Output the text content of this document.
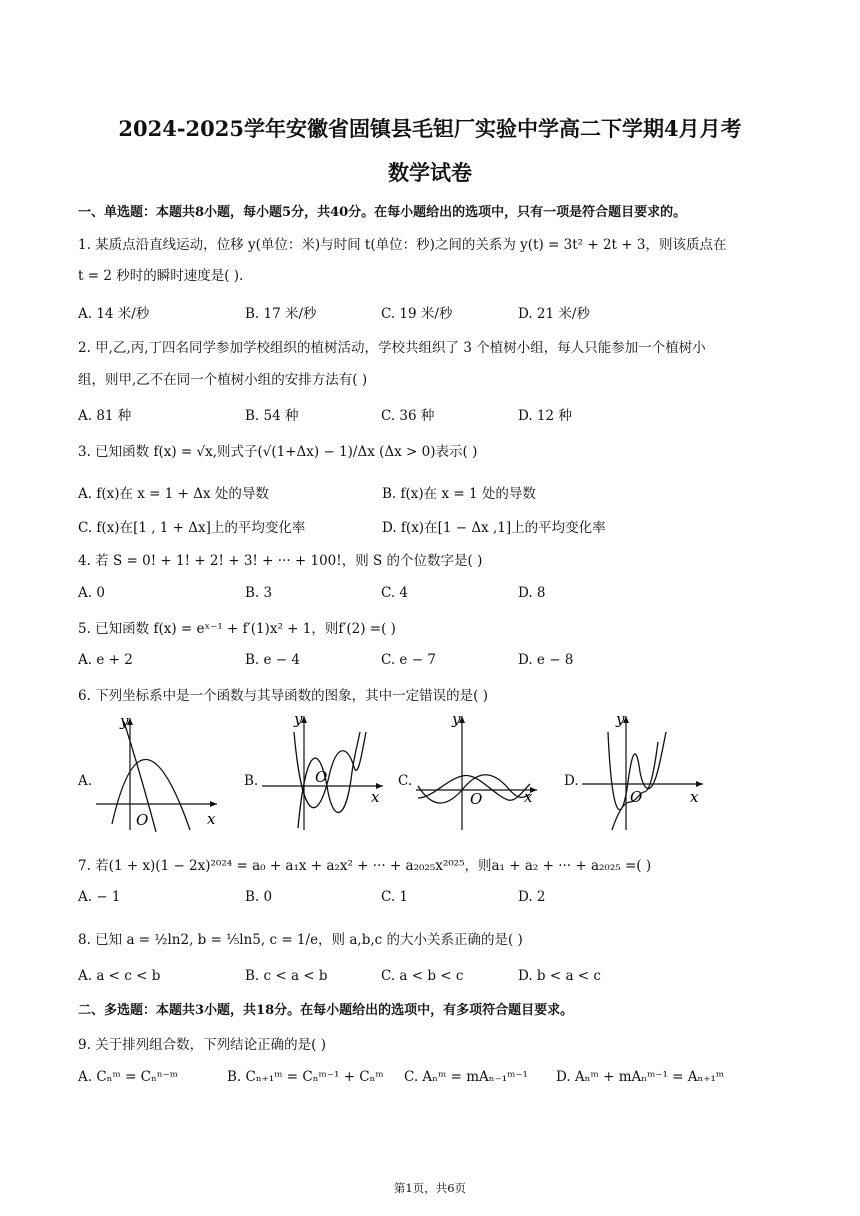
2024-2025学年安徽省固镇县毛钽厂实验中学高二下学期4月月考
数学试卷
一、单选题：本题共8小题，每小题5分，共40分。在每小题给出的选项中，只有一项是符合题目要求的。
1. 某质点沿直线运动，位移 y(单位：米)与时间 t(单位：秒)之间的关系为 y(t) = 3t² + 2t + 3，则该质点在
t = 2 秒时的瞬时速度是( ).
A. 14 米/秒	B. 17 米/秒	C. 19 米/秒	D. 21 米/秒
2. 甲,乙,丙,丁四名同学参加学校组织的植树活动，学校共组织了 3 个植树小组，每人只能参加一个植树小
组，则甲,乙不在同一个植树小组的安排方法有( )
A. 81 种	B. 54 种	C. 36 种	D. 12 种
3. 已知函数 f(x) = √x,则式子(√(1+Δx) − 1)/Δx (Δx > 0)表示( )
A. f(x)在 x = 1 + Δx 处的导数	B. f(x)在 x = 1 处的导数
C. f(x)在[1 , 1 + Δx]上的平均变化率	D. f(x)在[1 − Δx ,1]上的平均变化率
4. 若 S = 0! + 1! + 2! + 3! + ··· + 100!，则 S 的个位数字是( )
A. 0	B. 3	C. 4	D. 8
5. 已知函数 f(x) = eˣ⁻¹ + f′(1)x² + 1，则f′(2) =( )
A. e + 2	B. e − 4	C. e − 7	D. e − 8
6. 下列坐标系中是一个函数与其导函数的图象，其中一定错误的是( )
A.
y
x
O
B.
y
x
O	C.
y
x
O
D.
y
x
O
7. 若(1 + x)(1 − 2x)²⁰²⁴ = a₀ + a₁x + a₂x² + ··· + a₂₀₂₅x²⁰²⁵，则a₁ + a₂ + ··· + a₂₀₂₅ =( )
A. − 1	B. 0	C. 1	D. 2
8. 已知 a = ½ln2, b = ⅕ln5, c = 1/e，则 a,b,c 的大小关系正确的是( )
A. a < c < b	B. c < a < b	C. a < b < c	D. b < a < c
二、多选题：本题共3小题，共18分。在每小题给出的选项中，有多项符合题目要求。
9. 关于排列组合数，下列结论正确的是( )
A. Cₙᵐ = Cₙⁿ⁻ᵐ	B. Cₙ₊₁ᵐ = Cₙᵐ⁻¹ + Cₙᵐ C. Aₙᵐ = mAₙ₋₁ᵐ⁻¹ D. Aₙᵐ + mAₙᵐ⁻¹ = Aₙ₊₁ᵐ
第1页，共6页
